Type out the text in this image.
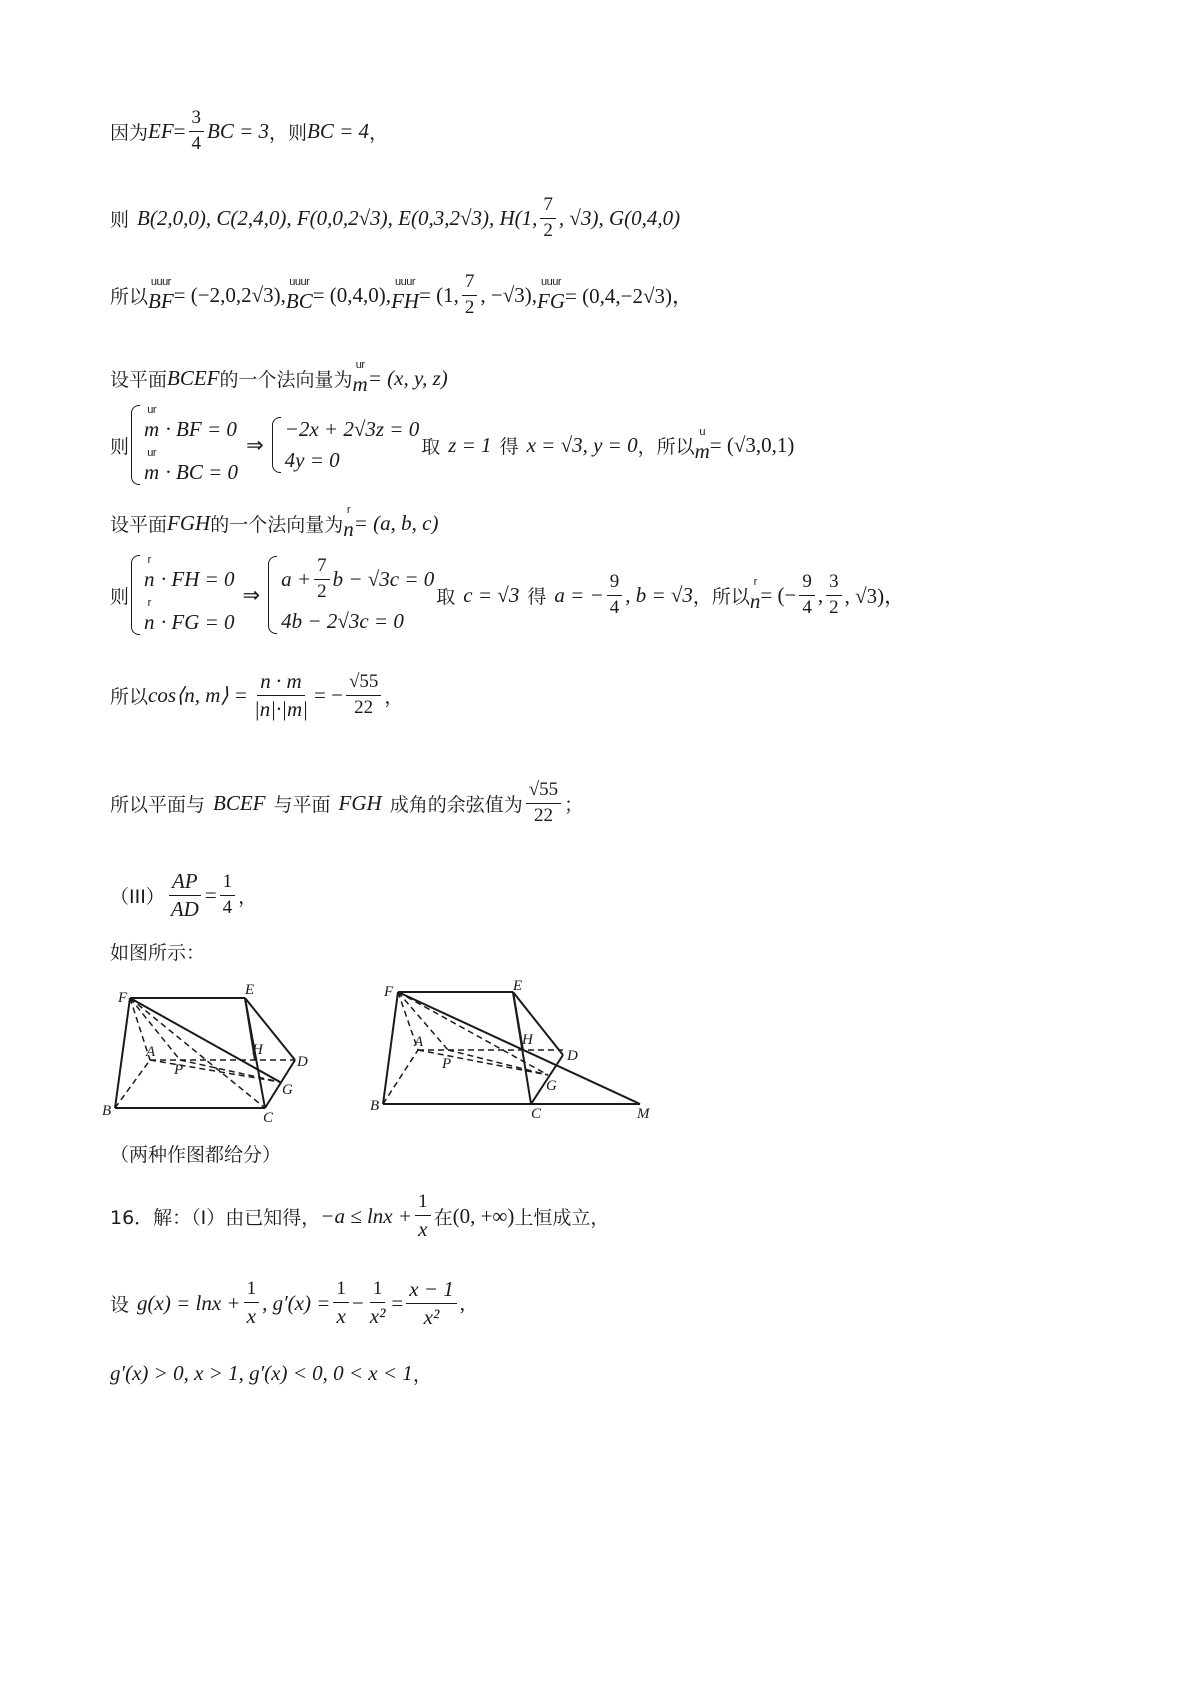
因为 EF = $\frac{3}{4}$ BC = 3 ，则 BC = 4 ，
则 B(2,0,0), C(2,4,0), F(0,0,2√3), E(0,3,2√3), H(1, $\frac{7}{2}$ , √3), G(0,4,0)
所以
uuur
BF = (−2,0,2√3),
uuur
BC = (0,4,0),
uuur
FH = (1, $\frac{7}{2}$ , −√3),
uuur
FG = (0,4,−2√3)，
设平面 BCEF 的一个法向量为
ur
m = (x, y, z)
则
ur
m · BF = 0
ur
m · BC = 0
⇒
−2x + 2√3z = 0
4y = 0
取 z = 1 得 x = √3, y = 0 ，所以
u
m = (√3,0,1)
设平面 FGH 的一个法向量为
r
n = (a, b, c)
则
r
n · FH = 0
r
n · FG = 0
⇒
$a + \frac{7}{2}$ b − √3c = 0
4b − 2√3c = 0
取 c = √3 得 a = − $\frac{9}{4}$ , b = √3 ，所以
r
n = (− $\frac{9}{4}$ , $\frac{3}{2}$ , √3)，
所以 cos⟨n, m⟩ = $\frac{n \cdot m}{|n|\cdot|m|}$ = − $\frac{√55}{22}$ ，
所以平面与 BCEF 与平面 FGH 成角的余弦值为 $\frac{√55}{22}$ ；
$(III) \frac{AP}{AD} = \frac{1}{4}$ ，
如图所示：
F	E
A
P
H
D
G
B	C
F	E
A
P
H
D
G
B	C	M
（两种作图都给分）
16．解：（Ⅰ）由已知得， $-a \le \ln x + \frac{1}{x}$ 在 (0, +∞) 上恒成立，
设 $g(x) = \ln x + \frac{1}{x}$ , $g'(x) = \frac{1}{x} - \frac{1}{\text{x²}} = \frac{x - 1}{\text{x²}}$ ,
g′(x) > 0, x > 1, g′(x) < 0, 0 < x < 1 ，
